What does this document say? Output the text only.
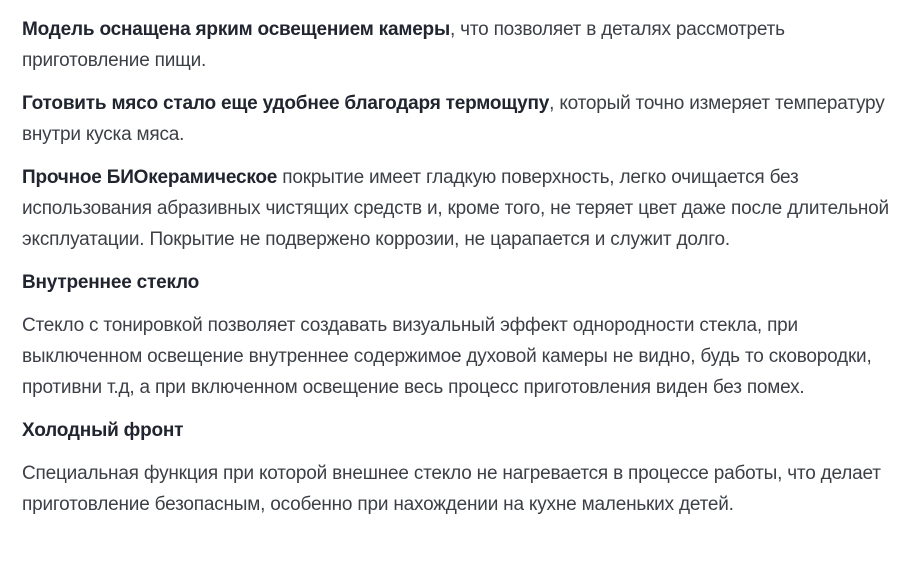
Модель оснащена ярким освещением камеры, что позволяет в деталях рассмотреть приготовление пищи.

Готовить мясо стало еще удобнее благодаря термощупу, который точно измеряет температуру внутри куска мяса.

Прочное БИОкерамическое покрытие имеет гладкую поверхность, легко очищается без использования абразивных чистящих средств и, кроме того, не теряет цвет даже после длительной эксплуатации. Покрытие не подвержено коррозии, не царапается и служит долго.

Внутреннее стекло

Стекло с тонировкой позволяет создавать визуальный эффект однородности стекла, при выключенном освещение внутреннее содержимое духовой камеры не видно, будь то сковородки, противни т.д, а при включенном освещение весь процесс приготовления виден без помех.

Холодный фронт

Специальная функция при которой внешнее стекло не нагревается в процессе работы, что делает приготовление безопасным, особенно при нахождении на кухне маленьких детей.
